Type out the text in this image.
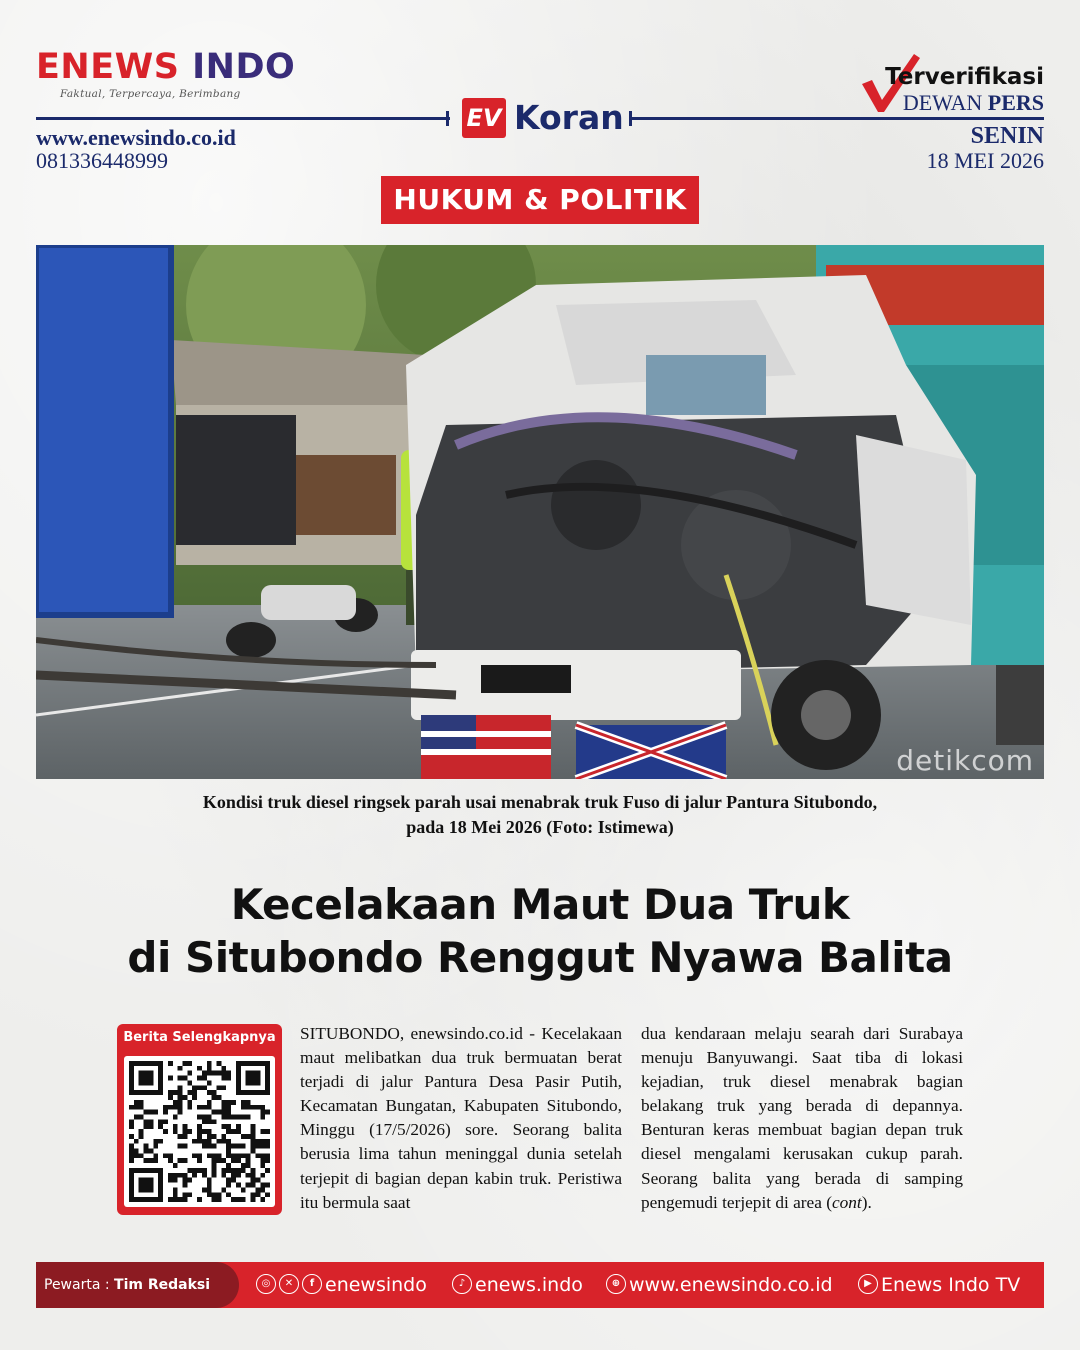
ENEWS INDO
Faktual, Terpercaya, Berimbang
www.enewsindo.co.id
081336448999
EV Koran
Terverifikasi
DEWAN PERS
SENIN
18 MEI 2026
HUKUM & POLITIK
detikcom
Kondisi truk diesel ringsek parah usai menabrak truk Fuso di jalur Pantura Situbondo,
pada 18 Mei 2026 (Foto: Istimewa)
Kecelakaan Maut Dua Truk
di Situbondo Renggut Nyawa Balita
Berita Selengkapnya	SITUBONDO, enewsindo.co.id - Kecelakaan maut melibatkan dua truk bermuatan berat terjadi di jalur Pantura Desa Pasir Putih, Kecamatan Bungatan, Kabupaten Situbondo, Minggu (17/5/2026) sore. Seorang balita berusia lima tahun meninggal dunia setelah terjepit di bagian depan kabin truk. Peristiwa itu bermula saat
dua kendaraan melaju searah dari Surabaya menuju Banyuwangi. Saat tiba di lokasi kejadian, truk diesel menabrak bagian belakang truk yang berada di depannya. Benturan keras membuat bagian depan truk diesel mengalami kerusakan cukup parah. Seorang balita yang berada di samping pengemudi terjepit di area (cont).
Pewarta : Tim Redaksi	◎ ✕ f enewsindo	♪ enews.indo	⊕ www.enewsindo.co.id	▶ Enews Indo TV
